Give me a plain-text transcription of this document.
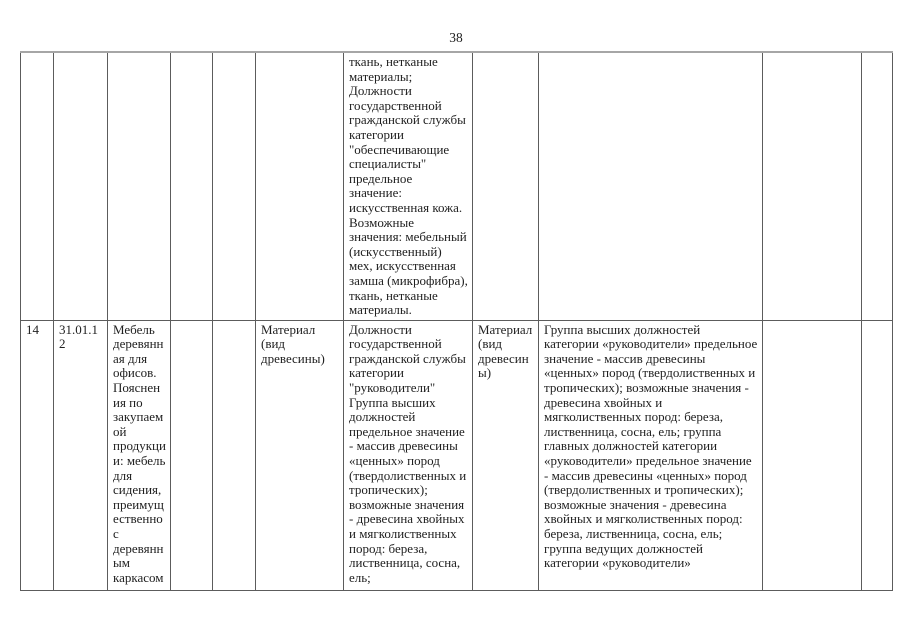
38
						ткань, нетканые материалы; Должности государственной гражданской службы категории "обеспечивающие специалисты" предельное значение: искусственная кожа. Возможные значения: мебельный (искусственный) мех, искусственная замша (микрофибра), ткань, нетканые материалы.				
14	31.01.12	Мебель деревянная для офисов. Пояснения по закупаемой продукции: мебель для сидения, преимущественно с деревянным каркасом			Материал (вид древесины)	Должности государственной гражданской службы категории "руководители" Группа высших должностей предельное значение - массив древесины «ценных» пород (твердолиственных и тропических); возможные значения - древесина хвойных и мягколиственных пород: береза, лиственница, сосна, ель;	Материал (вид древесины)	Группа высших должностей категории «руководители» предельное значение - массив древесины «ценных» пород (твердолиственных и тропических); возможные значения - древесина хвойных и мягколиственных пород: береза, лиственница, сосна, ель; группа главных должностей категории «руководители» предельное значение - массив древесины «ценных» пород (твердолиственных и тропических); возможные значения - древесина хвойных и мягколиственных пород: береза, лиственница, сосна, ель; группа ведущих должностей категории «руководители»		
